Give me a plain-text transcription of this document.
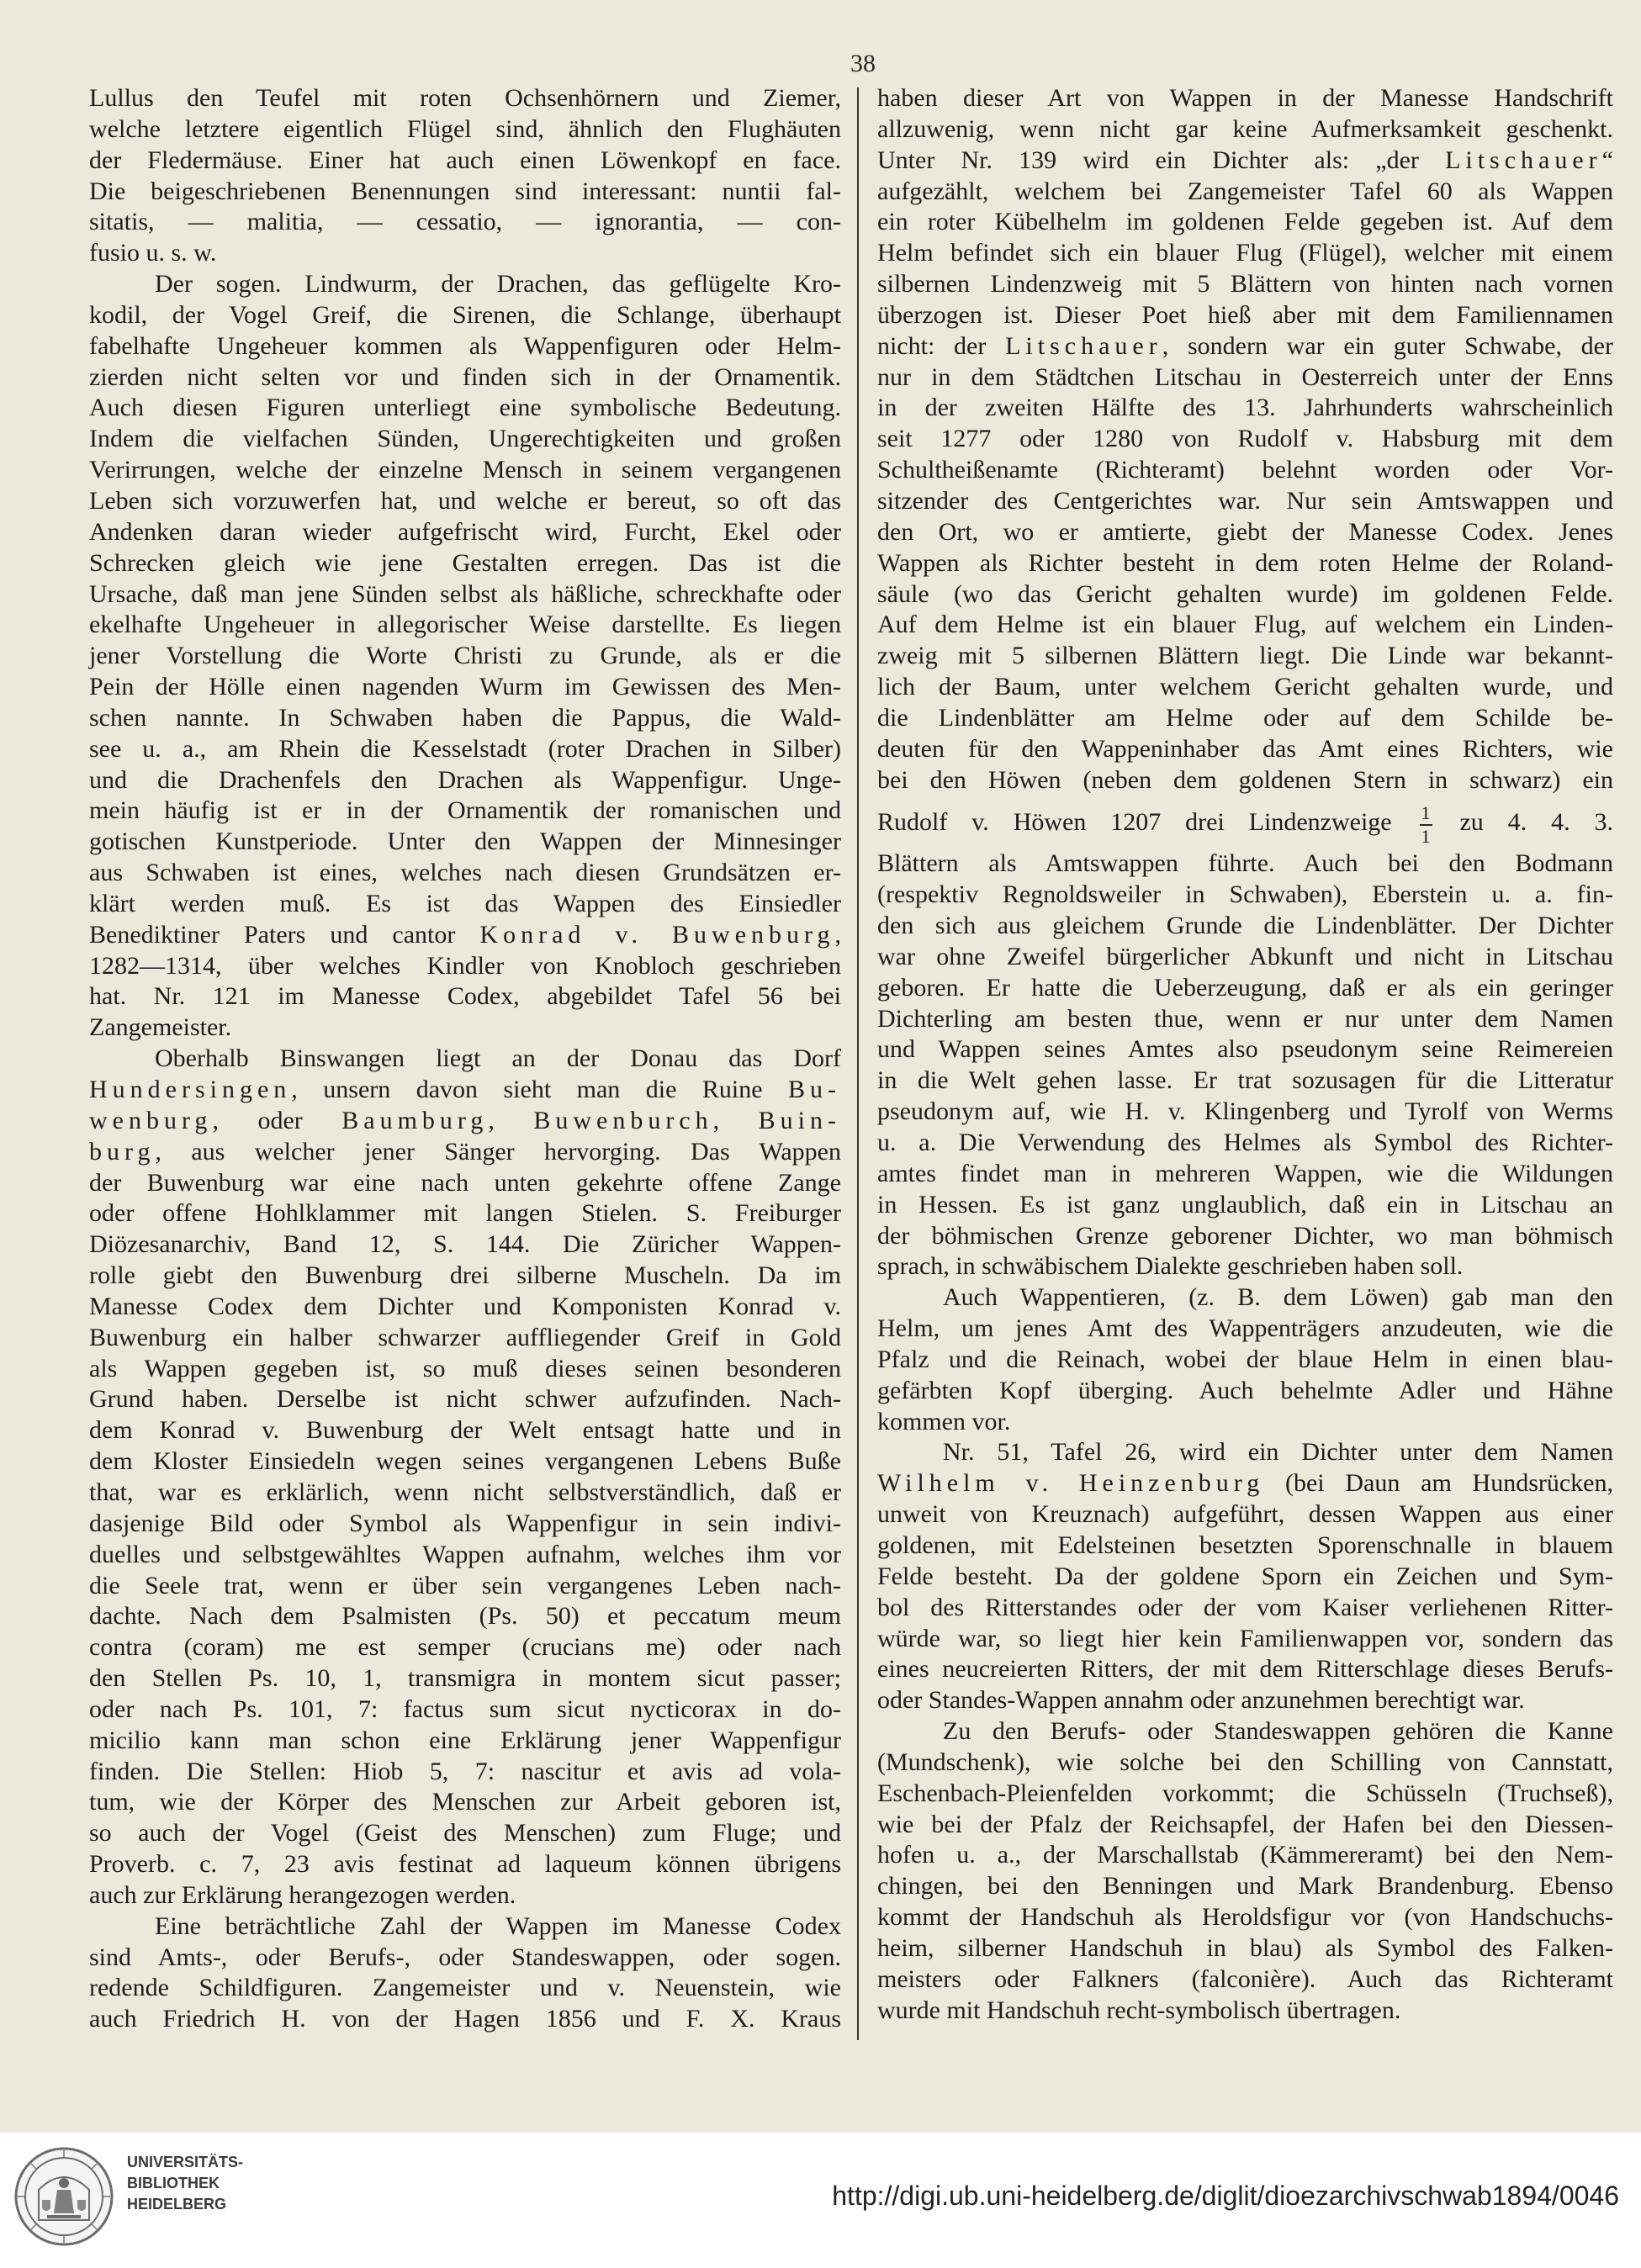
38
Lullus den Teufel mit roten Ochsenhörnern und Ziemer,
welche letztere eigentlich Flügel sind, ähnlich den Flughäuten
der Fledermäuse. Einer hat auch einen Löwenkopf en face.
Die beigeschriebenen Benennungen sind interessant: nuntii fal-
sitatis, — malitia, — cessatio, — ignorantia, — con-
fusio u. s. w.
Der sogen. Lindwurm, der Drachen, das geflügelte Kro-
kodil, der Vogel Greif, die Sirenen, die Schlange, überhaupt
fabelhafte Ungeheuer kommen als Wappenfiguren oder Helm-
zierden nicht selten vor und finden sich in der Ornamentik.
Auch diesen Figuren unterliegt eine symbolische Bedeutung.
Indem die vielfachen Sünden, Ungerechtigkeiten und großen
Verirrungen, welche der einzelne Mensch in seinem vergangenen
Leben sich vorzuwerfen hat, und welche er bereut, so oft das
Andenken daran wieder aufgefrischt wird, Furcht, Ekel oder
Schrecken gleich wie jene Gestalten erregen. Das ist die
Ursache, daß man jene Sünden selbst als häßliche, schreckhafte oder
ekelhafte Ungeheuer in allegorischer Weise darstellte. Es liegen
jener Vorstellung die Worte Christi zu Grunde, als er die
Pein der Hölle einen nagenden Wurm im Gewissen des Men-
schen nannte. In Schwaben haben die Pappus, die Wald-
see u. a., am Rhein die Kesselstadt (roter Drachen in Silber)
und die Drachenfels den Drachen als Wappenfigur. Unge-
mein häufig ist er in der Ornamentik der romanischen und
gotischen Kunstperiode. Unter den Wappen der Minnesinger
aus Schwaben ist eines, welches nach diesen Grundsätzen er-
klärt werden muß. Es ist das Wappen des Einsiedler
Benediktiner Paters und cantor Konrad v. Buwenburg,
1282—1314, über welches Kindler von Knobloch geschrieben
hat. Nr. 121 im Manesse Codex, abgebildet Tafel 56 bei
Zangemeister.
Oberhalb Binswangen liegt an der Donau das Dorf
Hundersingen, unsern davon sieht man die Ruine Bu-
wenburg, oder Baumburg, Buwenburch, Buin-
burg, aus welcher jener Sänger hervorging. Das Wappen
der Buwenburg war eine nach unten gekehrte offene Zange
oder offene Hohlklammer mit langen Stielen. S. Freiburger
Diözesanarchiv, Band 12, S. 144. Die Züricher Wappen-
rolle giebt den Buwenburg drei silberne Muscheln. Da im
Manesse Codex dem Dichter und Komponisten Konrad v.
Buwenburg ein halber schwarzer auffliegender Greif in Gold
als Wappen gegeben ist, so muß dieses seinen besonderen
Grund haben. Derselbe ist nicht schwer aufzufinden. Nach-
dem Konrad v. Buwenburg der Welt entsagt hatte und in
dem Kloster Einsiedeln wegen seines vergangenen Lebens Buße
that, war es erklärlich, wenn nicht selbstverständlich, daß er
dasjenige Bild oder Symbol als Wappenfigur in sein indivi-
duelles und selbstgewähltes Wappen aufnahm, welches ihm vor
die Seele trat, wenn er über sein vergangenes Leben nach-
dachte. Nach dem Psalmisten (Ps. 50) et peccatum meum
contra (coram) me est semper (crucians me) oder nach
den Stellen Ps. 10, 1, transmigra in montem sicut passer;
oder nach Ps. 101, 7: factus sum sicut nycticorax in do-
micilio kann man schon eine Erklärung jener Wappenfigur
finden. Die Stellen: Hiob 5, 7: nascitur et avis ad vola-
tum, wie der Körper des Menschen zur Arbeit geboren ist,
so auch der Vogel (Geist des Menschen) zum Fluge; und
Proverb. c. 7, 23 avis festinat ad laqueum können übrigens
auch zur Erklärung herangezogen werden.
Eine beträchtliche Zahl der Wappen im Manesse Codex
sind Amts-, oder Berufs-, oder Standeswappen, oder sogen.
redende Schildfiguren. Zangemeister und v. Neuenstein, wie
auch Friedrich H. von der Hagen 1856 und F. X. Kraus
haben dieser Art von Wappen in der Manesse Handschrift
allzuwenig, wenn nicht gar keine Aufmerksamkeit geschenkt.
Unter Nr. 139 wird ein Dichter als: „der Litschauer“
aufgezählt, welchem bei Zangemeister Tafel 60 als Wappen
ein roter Kübelhelm im goldenen Felde gegeben ist. Auf dem
Helm befindet sich ein blauer Flug (Flügel), welcher mit einem
silbernen Lindenzweig mit 5 Blättern von hinten nach vornen
überzogen ist. Dieser Poet hieß aber mit dem Familiennamen
nicht: der Litschauer, sondern war ein guter Schwabe, der
nur in dem Städtchen Litschau in Oesterreich unter der Enns
in der zweiten Hälfte des 13. Jahrhunderts wahrscheinlich
seit 1277 oder 1280 von Rudolf v. Habsburg mit dem
Schultheißenamte (Richteramt) belehnt worden oder Vor-
sitzender des Centgerichtes war. Nur sein Amtswappen und
den Ort, wo er amtierte, giebt der Manesse Codex. Jenes
Wappen als Richter besteht in dem roten Helme der Roland-
säule (wo das Gericht gehalten wurde) im goldenen Felde.
Auf dem Helme ist ein blauer Flug, auf welchem ein Linden-
zweig mit 5 silbernen Blättern liegt. Die Linde war bekannt-
lich der Baum, unter welchem Gericht gehalten wurde, und
die Lindenblätter am Helme oder auf dem Schilde be-
deuten für den Wappeninhaber das Amt eines Richters, wie
bei den Höwen (neben dem goldenen Stern in schwarz) ein
Rudolf v. Höwen 1207 drei Lindenzweige $\frac{1}{1}$ zu 4. 4. 3.
Blättern als Amtswappen führte. Auch bei den Bodmann
(respektiv Regnoldsweiler in Schwaben), Eberstein u. a. fin-
den sich aus gleichem Grunde die Lindenblätter. Der Dichter
war ohne Zweifel bürgerlicher Abkunft und nicht in Litschau
geboren. Er hatte die Ueberzeugung, daß er als ein geringer
Dichterling am besten thue, wenn er nur unter dem Namen
und Wappen seines Amtes also pseudonym seine Reimereien
in die Welt gehen lasse. Er trat sozusagen für die Litteratur
pseudonym auf, wie H. v. Klingenberg und Tyrolf von Werms
u. a. Die Verwendung des Helmes als Symbol des Richter-
amtes findet man in mehreren Wappen, wie die Wildungen
in Hessen. Es ist ganz unglaublich, daß ein in Litschau an
der böhmischen Grenze geborener Dichter, wo man böhmisch
sprach, in schwäbischem Dialekte geschrieben haben soll.
Auch Wappentieren, (z. B. dem Löwen) gab man den
Helm, um jenes Amt des Wappenträgers anzudeuten, wie die
Pfalz und die Reinach, wobei der blaue Helm in einen blau-
gefärbten Kopf überging. Auch behelmte Adler und Hähne
kommen vor.
Nr. 51, Tafel 26, wird ein Dichter unter dem Namen
Wilhelm v. Heinzenburg (bei Daun am Hundsrücken,
unweit von Kreuznach) aufgeführt, dessen Wappen aus einer
goldenen, mit Edelsteinen besetzten Sporenschnalle in blauem
Felde besteht. Da der goldene Sporn ein Zeichen und Sym-
bol des Ritterstandes oder der vom Kaiser verliehenen Ritter-
würde war, so liegt hier kein Familienwappen vor, sondern das
eines neucreierten Ritters, der mit dem Ritterschlage dieses Berufs-
oder Standes-Wappen annahm oder anzunehmen berechtigt war.
Zu den Berufs- oder Standeswappen gehören die Kanne
(Mundschenk), wie solche bei den Schilling von Cannstatt,
Eschenbach-Pleienfelden vorkommt; die Schüsseln (Truchseß),
wie bei der Pfalz der Reichsapfel, der Hafen bei den Diessen-
hofen u. a., der Marschallstab (Kämmereramt) bei den Nem-
chingen, bei den Benningen und Mark Brandenburg. Ebenso
kommt der Handschuh als Heroldsfigur vor (von Handschuchs-
heim, silberner Handschuh in blau) als Symbol des Falken-
meisters oder Falkners (falconière). Auch das Richteramt
wurde mit Handschuh recht-symbolisch übertragen.
UNIVERSITÄTS-
BIBLIOTHEK
HEIDELBERG	http://digi.ub.uni-heidelberg.de/diglit/dioezarchivschwab1894/0046
